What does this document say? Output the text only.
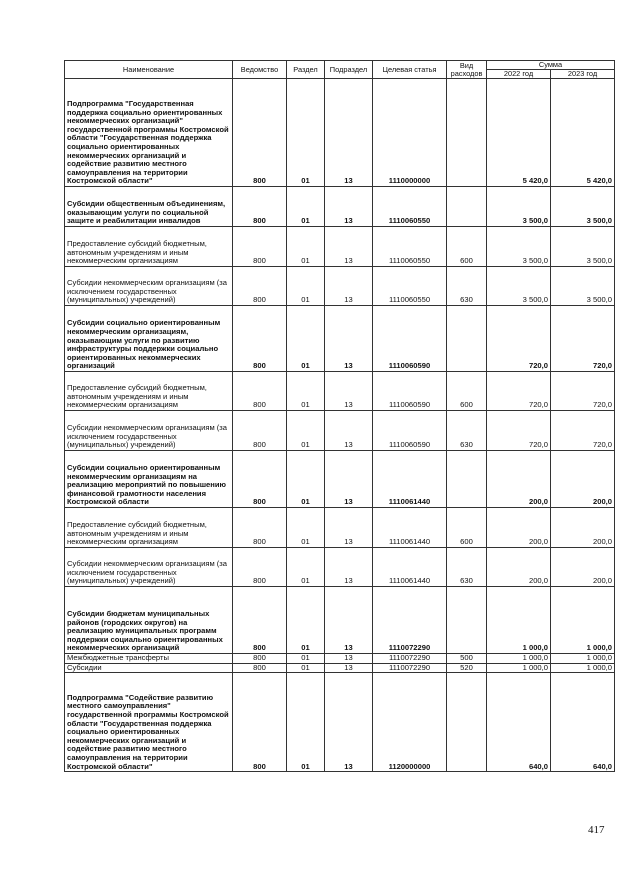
Наименование	Ведомство	Раздел	Подраздел	Целевая статья	Вид расходов	Сумма	
						2022 год	2023 год
Подпрограмма "Государственная поддержка социально ориентированных некоммерческих организаций" государственной программы Костромской области "Государственная поддержка социально ориентированных некоммерческих организаций и содействие развитию местного самоуправления на территории Костромской области"	800	01	13	1110000000		5 420,0	5 420,0
Субсидии общественным объединениям, оказывающим услуги по социальной защите и реабилитации инвалидов	800	01	13	1110060550		3 500,0	3 500,0
Предоставление субсидий бюджетным, автономным учреждениям и иным некоммерческим организациям	800	01	13	1110060550	600	3 500,0	3 500,0
Субсидии некоммерческим организациям (за исключением государственных (муниципальных) учреждений)	800	01	13	1110060550	630	3 500,0	3 500,0
Субсидии социально ориентированным некоммерческим организациям, оказывающим услуги по развитию инфраструктуры поддержки социально ориентированных некоммерческих организаций	800	01	13	1110060590		720,0	720,0
Предоставление субсидий бюджетным, автономным учреждениям и иным некоммерческим организациям	800	01	13	1110060590	600	720,0	720,0
Субсидии некоммерческим организациям (за исключением государственных (муниципальных) учреждений)	800	01	13	1110060590	630	720,0	720,0
Субсидии социально ориентированным некоммерческим организациям на реализацию мероприятий по повышению финансовой грамотности населения Костромской области	800	01	13	1110061440		200,0	200,0
Предоставление субсидий бюджетным, автономным учреждениям и иным некоммерческим организациям	800	01	13	1110061440	600	200,0	200,0
Субсидии некоммерческим организациям (за исключением государственных (муниципальных) учреждений)	800	01	13	1110061440	630	200,0	200,0
Субсидии бюджетам муниципальных районов (городских округов) на реализацию муниципальных программ поддержки социально ориентированных некоммерческих организаций	800	01	13	1110072290		1 000,0	1 000,0
Межбюджетные трансферты	800	01	13	1110072290	500	1 000,0	1 000,0
Субсидии	800	01	13	1110072290	520	1 000,0	1 000,0
Подпрограмма "Содействие развитию местного самоуправления" государственной программы Костромской области "Государственная поддержка социально ориентированных некоммерческих организаций и содействие развитию местного самоуправления на территории Костромской области"	800	01	13	1120000000		640,0	640,0
417
